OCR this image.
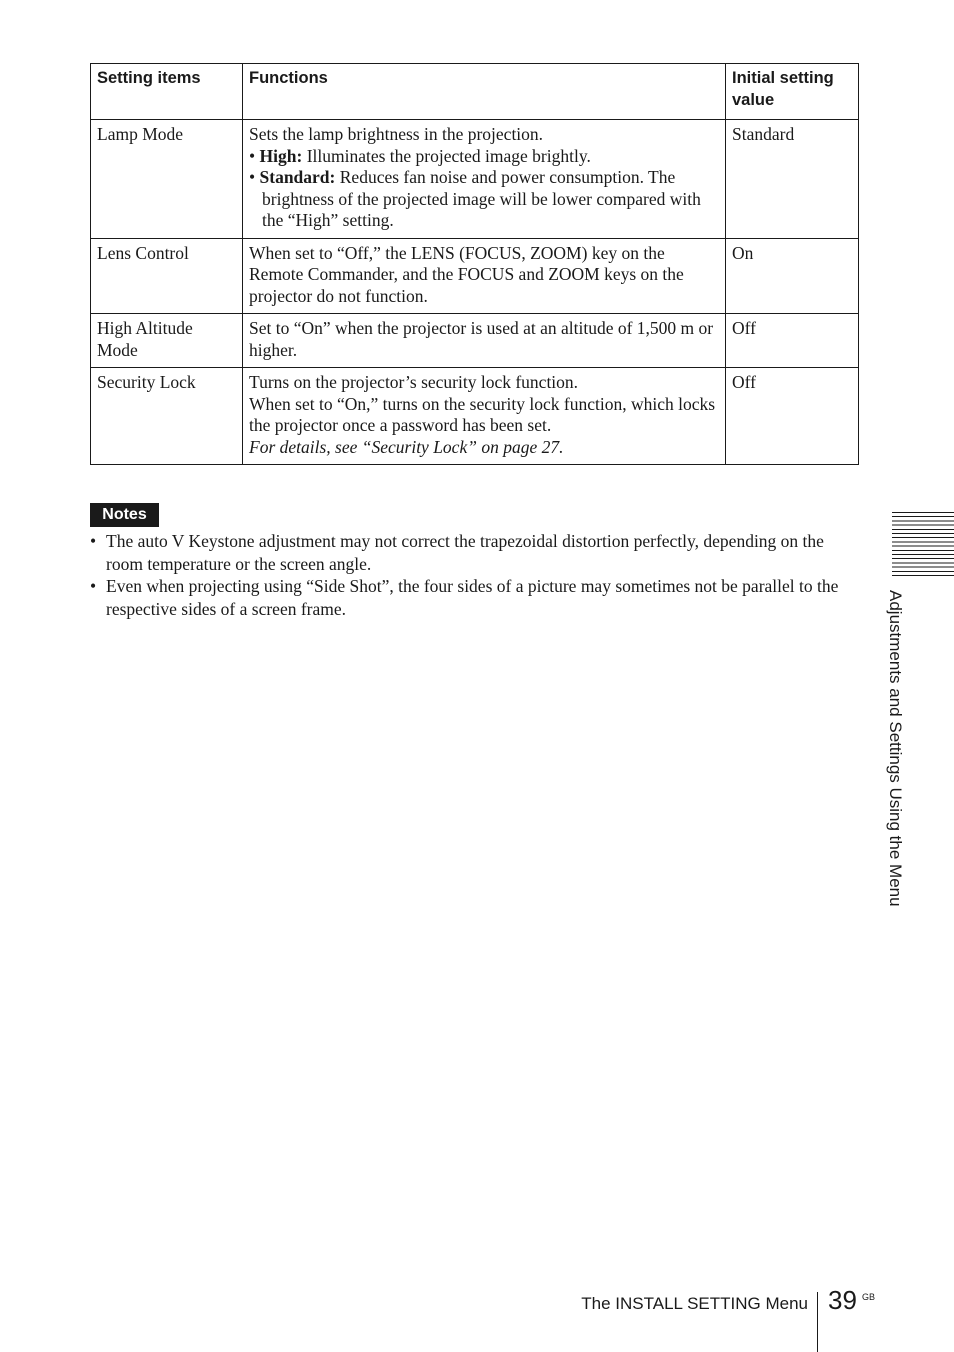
Setting items	Functions	Initial setting value
Lamp Mode	Sets the lamp brightness in the projection.
• High: Illuminates the projected image brightly.
• Standard: Reduces fan noise and power consumption. The brightness of the projected image will be lower compared with the “High” setting.	Standard
Lens Control	When set to “Off,” the LENS (FOCUS, ZOOM) key on the Remote Commander, and the FOCUS and ZOOM keys on the projector do not function.	On
High Altitude Mode	Set to “On” when the projector is used at an altitude of 1,500 m or higher.	Off
Security Lock	Turns on the projector’s security lock function.
When set to “On,” turns on the security lock function, which locks the projector once a password has been set.
For details, see “Security Lock” on page 27.	Off
Notes
• The auto V Keystone adjustment may not correct the trapezoidal distortion perfectly, depending on the room temperature or the screen angle.
• Even when projecting using “Side Shot”, the four sides of a picture may sometimes not be parallel to the respective sides of a screen frame.	Adjustments and Settings Using the Menu
The INSTALL SETTING Menu 39 GB
